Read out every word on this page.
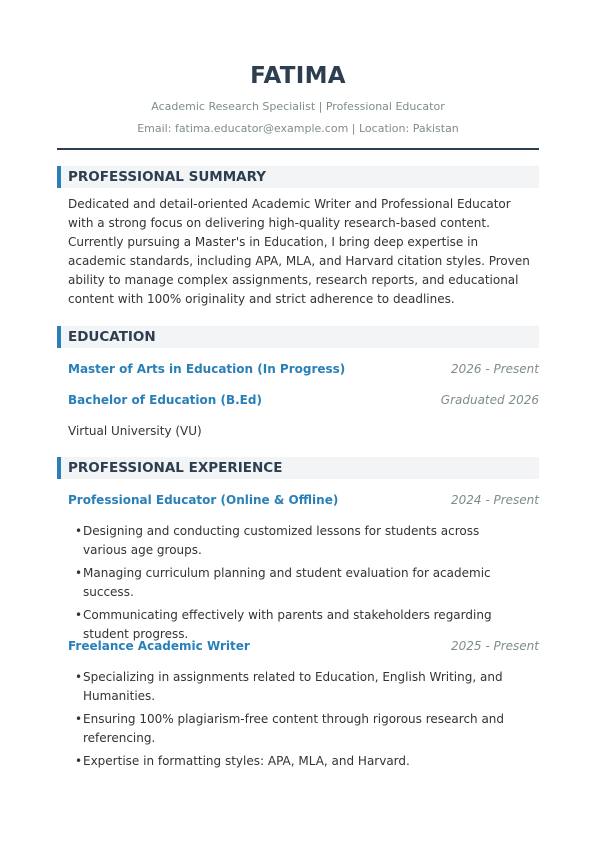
FATIMA
Academic Research Specialist | Professional Educator
Email: fatima.educator@example.com | Location: Pakistan
PROFESSIONAL SUMMARY
Dedicated and detail-oriented Academic Writer and Professional Educator with a strong focus on delivering high-quality research-based content. Currently pursuing a Master's in Education, I bring deep expertise in academic standards, including APA, MLA, and Harvard citation styles. Proven ability to manage complex assignments, research reports, and educational content with 100% originality and strict adherence to deadlines.
EDUCATION
Master of Arts in Education (In Progress)	2026 - Present
Bachelor of Education (B.Ed)	Graduated 2026
Virtual University (VU)
PROFESSIONAL EXPERIENCE
Professional Educator (Online & Offline)	2024 - Present
• Designing and conducting customized lessons for students across various age groups.
• Managing curriculum planning and student evaluation for academic success.
• Communicating effectively with parents and stakeholders regarding student progress.
Freelance Academic Writer	2025 - Present
• Specializing in assignments related to Education, English Writing, and Humanities.
• Ensuring 100% plagiarism-free content through rigorous research and referencing.
• Expertise in formatting styles: APA, MLA, and Harvard.
